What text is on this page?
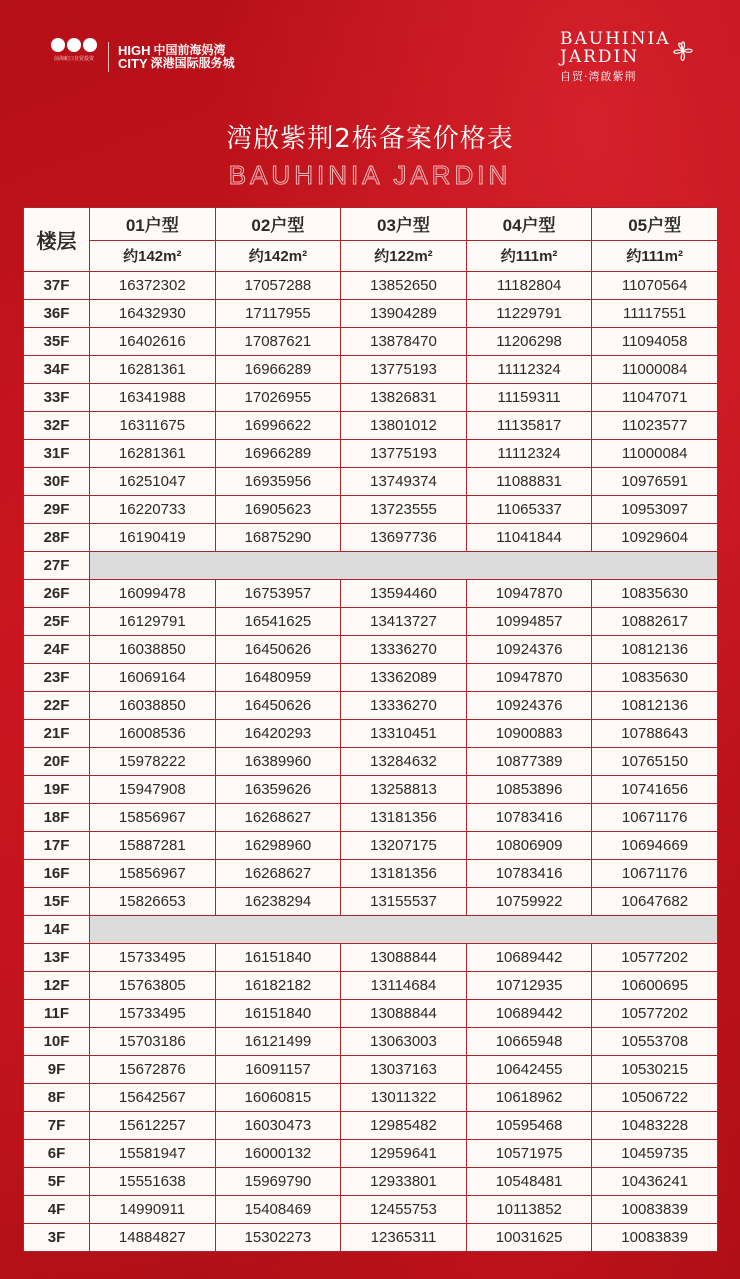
前海蛇口自贸投资
HIGH 中国前海妈湾
CITY 深港国际服务城
BAUHINIA
JARDIN
自贸·湾啟紫荆
湾啟紫荆2栋备案价格表
BAUHINIA JARDIN
楼层	01户型	02户型	03户型	04户型	05户型
	约142m²	约142m²	约122m²	约111m²	约111m²
37F	16372302	17057288	13852650	11182804	11070564
36F	16432930	17117955	13904289	11229791	11117551
35F	16402616	17087621	13878470	11206298	11094058
34F	16281361	16966289	13775193	11112324	11000084
33F	16341988	17026955	13826831	11159311	11047071
32F	16311675	16996622	13801012	11135817	11023577
31F	16281361	16966289	13775193	11112324	11000084
30F	16251047	16935956	13749374	11088831	10976591
29F	16220733	16905623	13723555	11065337	10953097
28F	16190419	16875290	13697736	11041844	10929604
27F					
26F	16099478	16753957	13594460	10947870	10835630
25F	16129791	16541625	13413727	10994857	10882617
24F	16038850	16450626	13336270	10924376	10812136
23F	16069164	16480959	13362089	10947870	10835630
22F	16038850	16450626	13336270	10924376	10812136
21F	16008536	16420293	13310451	10900883	10788643
20F	15978222	16389960	13284632	10877389	10765150
19F	15947908	16359626	13258813	10853896	10741656
18F	15856967	16268627	13181356	10783416	10671176
17F	15887281	16298960	13207175	10806909	10694669
16F	15856967	16268627	13181356	10783416	10671176
15F	15826653	16238294	13155537	10759922	10647682
14F					
13F	15733495	16151840	13088844	10689442	10577202
12F	15763805	16182182	13114684	10712935	10600695
11F	15733495	16151840	13088844	10689442	10577202
10F	15703186	16121499	13063003	10665948	10553708
9F	15672876	16091157	13037163	10642455	10530215
8F	15642567	16060815	13011322	10618962	10506722
7F	15612257	16030473	12985482	10595468	10483228
6F	15581947	16000132	12959641	10571975	10459735
5F	15551638	15969790	12933801	10548481	10436241
4F	14990911	15408469	12455753	10113852	10083839
3F	14884827	15302273	12365311	10031625	10083839
